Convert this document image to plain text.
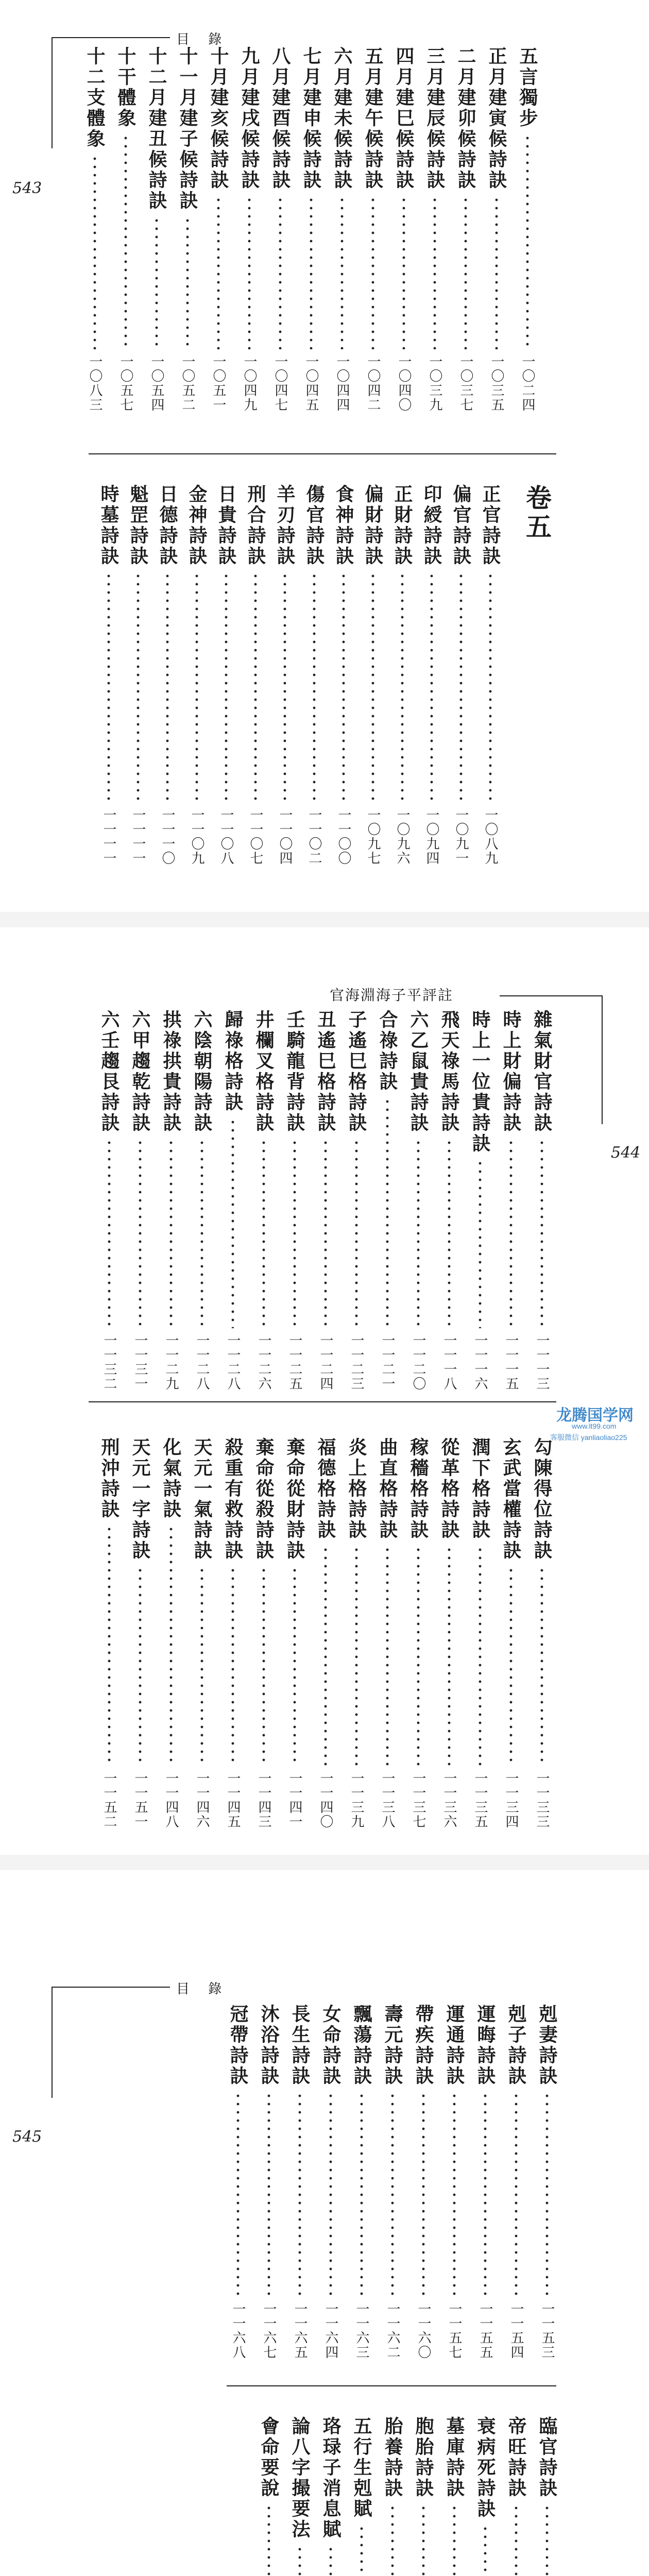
目 錄
543
五言獨步
一〇二四
正月建寅候詩訣
一〇三五
二月建卯候詩訣
一〇三七
三月建辰候詩訣
一〇三九
四月建巳候詩訣
一〇四〇
五月建午候詩訣
一〇四二
六月建未候詩訣
一〇四四
七月建申候詩訣
一〇四五
八月建酉候詩訣
一〇四七
九月建戌候詩訣
一〇四九
十月建亥候詩訣
一〇五一
十一月建子候詩訣
一〇五二
十二月建丑候詩訣
一〇五四
十干體象
一〇五七
十二支體象
一〇八三
卷五
正官詩訣
一〇八九
偏官詩訣
一〇九一
印綬詩訣
一〇九四
正財詩訣
一〇九六
偏財詩訣
一〇九七
食神詩訣
一一〇〇
傷官詩訣
一一〇二
羊刃詩訣
一一〇四
刑合詩訣
一一〇七
日貴詩訣
一一〇八
金神詩訣
一一〇九
日德詩訣
一一一〇
魁罡詩訣
一一一一
時墓詩訣
一一一一
官海淵海子平評註
544
雜氣財官詩訣
一一一三
時上財偏詩訣
一一一五
時上一位貴詩訣
一一一六
飛天祿馬詩訣
一一一八
六乙鼠貴詩訣
一一二〇
合祿詩訣
一一二一
子遙巳格詩訣
一一二三
丑遙巳格詩訣
一一二四
壬騎龍背詩訣
一一二五
井欄叉格詩訣
一一二六
歸祿格詩訣
一一二八
六陰朝陽詩訣
一一二八
拱祿拱貴詩訣
一一二九
六甲趨乾詩訣
一一三一
六壬趨艮詩訣
一一三二
勾陳得位詩訣
一一三三
玄武當權詩訣
一一三四
潤下格詩訣
一一三五
從革格詩訣
一一三六
稼穡格詩訣
一一三七
曲直格詩訣
一一三八
炎上格詩訣
一一三九
福德格詩訣
一一四〇
棄命從財詩訣
一一四一
棄命從殺詩訣
一一四三
殺重有救詩訣
一一四五
天元一氣詩訣
一一四六
化氣詩訣
一一四八
天元一字詩訣
一一五一
刑沖詩訣
一一五二
龙腾国学网
www.lt99.com
客服微信 yanliaoliao225
目 錄
545
剋妻詩訣
一一五三
剋子詩訣
一一五四
運晦詩訣
一一五五
運通詩訣
一一五七
帶疾詩訣
一一六〇
壽元詩訣
一一六二
飄蕩詩訣
一一六三
女命詩訣
一一六四
長生詩訣
一一六五
沐浴詩訣
一一六七
冠帶詩訣
一一六八
臨官詩訣
帝旺詩訣
衰病死詩訣
墓庫詩訣
胞胎詩訣
胎養詩訣
五行生剋賦
珞琭子消息賦
論八字撮要法
會命要說
